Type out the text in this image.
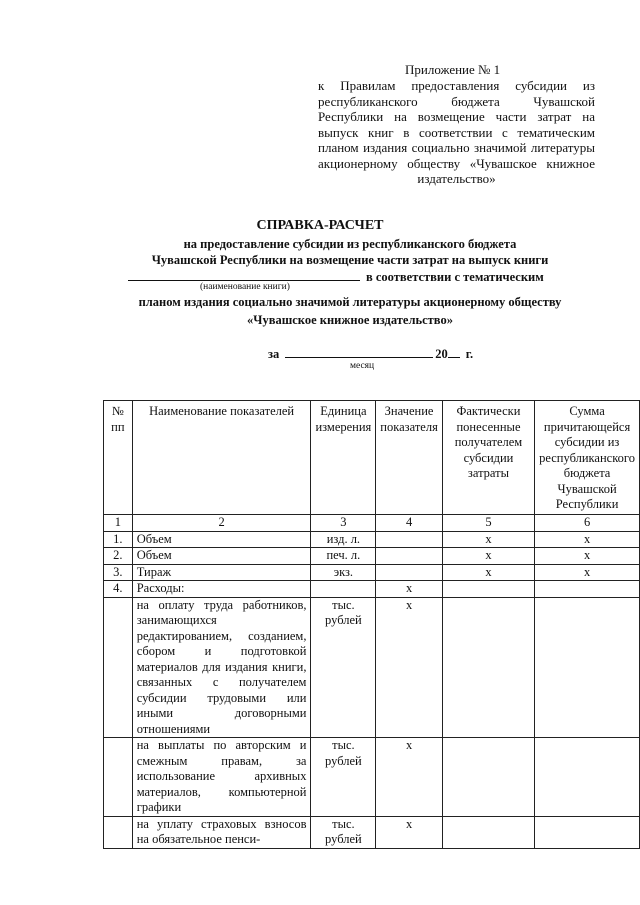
Приложение № 1
к Правилам предоставления субсидии из республиканского бюджета Чувашской Республики на возмещение части затрат на выпуск книг в соответствии с тематическим планом издания социально значимой литературы акционерному обществу «Чувашское книжное издательство»
СПРАВКА-РАСЧЕТ
на предоставление субсидии из республиканского бюджета
Чувашской Республики на возмещение части затрат на выпуск книги
в соответствии с тематическим
(наименование книги)
планом издания социально значимой литературы акционерному обществу
«Чувашское книжное издательство»
за	20 г.
месяц
№ пп	Наименование показателей	Единица измерения	Значение показателя	Фактически понесенные получателем субсидии затраты	Сумма причитающейся субсидии из республиканского бюджета Чувашской Республики
1	2	3	4	5	6
1.	Объем	изд. л.		х	х
2.	Объем	печ. л.		х	х
3.	Тираж	экз.		х	х
4.	Расходы:		х		
	на оплату труда работников, занимающихся редактированием, созданием, сбором и подготовкой материалов для издания книги, связанных с получателем субсидии трудовыми или иными договорными отношениями	тыс. рублей	х		
	на выплаты по авторским и смежным правам, за использование архивных материалов, компьютерной графики	тыс. рублей	х		
	на уплату страховых взносов на обязательное пенси-	тыс. рублей	х		
